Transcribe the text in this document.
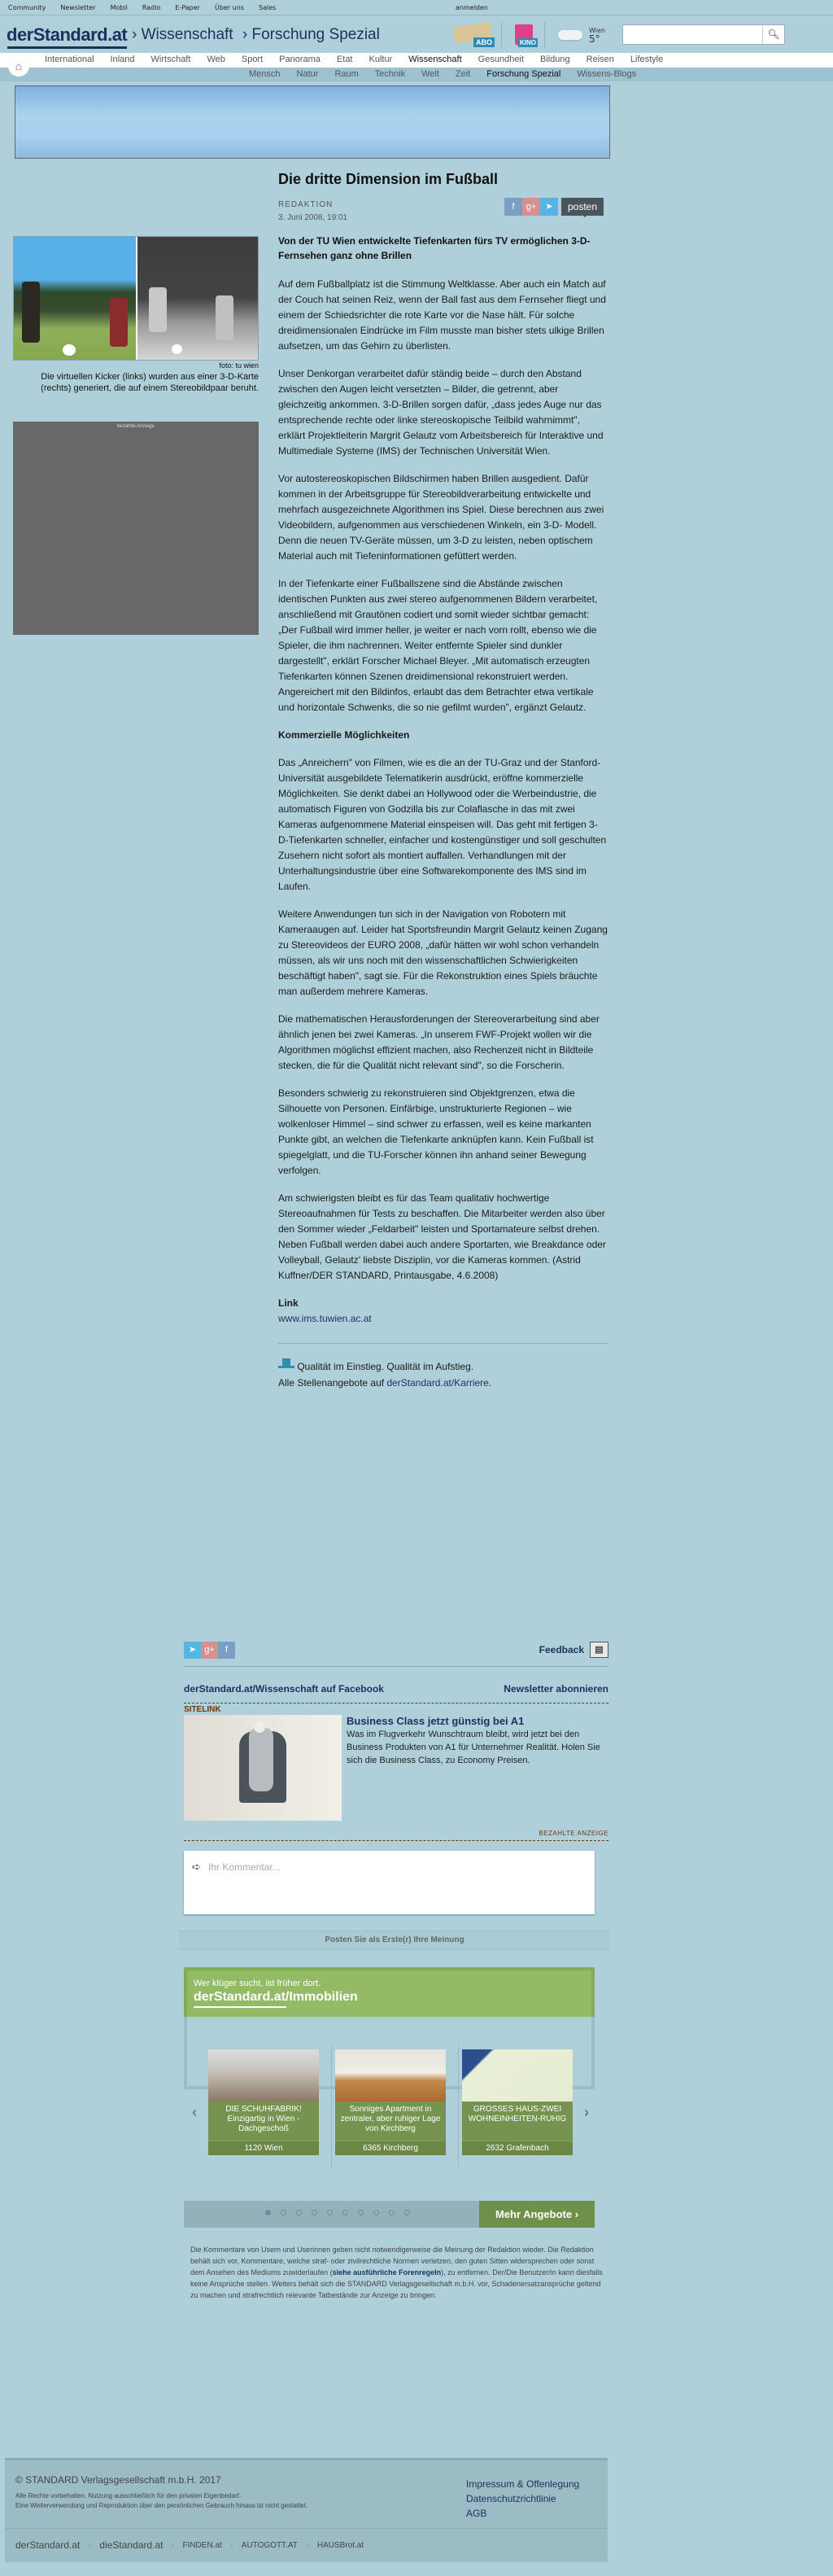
Community Newsletter Mobil Radio E-Paper Über uns Sales	anmelden
derStandard.at › Wissenschaft › Forschung Spezial	ABO	KINO
Wien
5°	🔍︎
International Inland Wirtschaft Web Sport Panorama Etat Kultur Wissenschaft Gesundheit Bildung Reisen Lifestyle
Mensch Natur Raum Technik Welt Zeit Forschung Spezial Wissens-Blogs
⌂
foto: tu wien
Die virtuellen Kicker (links) wurden aus einer 3-D-Karte (rechts) generiert, die auf einem Stereobildpaar beruht.
bezahlte Anzeige
Die dritte Dimension im Fußball
REDAKTION
3. Juni 2008, 19:01
f	g+	➤	posten
Von der TU Wien entwickelte Tiefenkarten fürs TV ermöglichen 3-D-Fernsehen ganz ohne Brillen

Auf dem Fußballplatz ist die Stimmung Weltklasse. Aber auch ein Match auf der Couch hat seinen Reiz, wenn der Ball fast aus dem Fernseher fliegt und einem der Schiedsrichter die rote Karte vor die Nase hält. Für solche dreidimensionalen Eindrücke im Film musste man bisher stets ulkige Brillen aufsetzen, um das Gehirn zu überlisten.

Unser Denkorgan verarbeitet dafür ständig beide – durch den Abstand zwischen den Augen leicht versetzten – Bilder, die getrennt, aber gleichzeitig ankommen. 3-D-Brillen sorgen dafür, „dass jedes Auge nur das entsprechende rechte oder linke stereoskopische Teilbild wahrnimmt", erklärt Projektleiterin Margrit Gelautz vom Arbeitsbereich für Interaktive und Multimediale Systeme (IMS) der Technischen Universität Wien.

Vor autostereoskopischen Bildschirmen haben Brillen ausgedient. Dafür kommen in der Arbeitsgruppe für Stereobildverarbeitung entwickelte und mehrfach ausgezeichnete Algorithmen ins Spiel. Diese berechnen aus zwei Videobildern, aufgenommen aus verschiedenen Winkeln, ein 3-D- Modell. Denn die neuen TV-Geräte müssen, um 3-D zu leisten, neben optischem Material auch mit Tiefeninformationen gefüttert werden.

In der Tiefenkarte einer Fußballszene sind die Abstände zwischen identischen Punkten aus zwei stereo aufgenommenen Bildern verarbeitet, anschließend mit Grautönen codiert und somit wieder sichtbar gemacht: „Der Fußball wird immer heller, je weiter er nach vorn rollt, ebenso wie die Spieler, die ihm nachrennen. Weiter entfernte Spieler sind dunkler dargestellt", erklärt Forscher Michael Bleyer. „Mit automatisch erzeugten Tiefenkarten können Szenen dreidimensional rekonstruiert werden. Angereichert mit den Bildinfos, erlaubt das dem Betrachter etwa vertikale und horizontale Schwenks, die so nie gefilmt wurden", ergänzt Gelautz.

Kommerzielle Möglichkeiten

Das „Anreichern" von Filmen, wie es die an der TU-Graz und der Stanford-Universität ausgebildete Telematikerin ausdrückt, eröffne kommerzielle Möglichkeiten. Sie denkt dabei an Hollywood oder die Werbeindustrie, die automatisch Figuren von Godzilla bis zur Colaflasche in das mit zwei Kameras aufgenommene Material einspeisen will. Das geht mit fertigen 3-D-Tiefenkarten schneller, einfacher und kostengünstiger und soll geschulten Zusehern nicht sofort als montiert auffallen. Verhandlungen mit der Unterhaltungsindustrie über eine Softwarekomponente des IMS sind im Laufen.

Weitere Anwendungen tun sich in der Navigation von Robotern mit Kameraaugen auf. Leider hat Sportsfreundin Margrit Gelautz keinen Zugang zu Stereovideos der EURO 2008, „dafür hätten wir wohl schon verhandeln müssen, als wir uns noch mit den wissenschaftlichen Schwierigkeiten beschäftigt haben", sagt sie. Für die Rekonstruktion eines Spiels bräuchte man außerdem mehrere Kameras.

Die mathematischen Herausforderungen der Stereoverarbeitung sind aber ähnlich jenen bei zwei Kameras. „In unserem FWF-Projekt wollen wir die Algorithmen möglichst effizient machen, also Rechenzeit nicht in Bildteile stecken, die für die Qualität nicht relevant sind", so die Forscherin.

Besonders schwierig zu rekonstruieren sind Objektgrenzen, etwa die Silhouette von Personen. Einfärbige, unstrukturierte Regionen – wie wolkenloser Himmel – sind schwer zu erfassen, weil es keine markanten Punkte gibt, an welchen die Tiefenkarte anknüpfen kann. Kein Fußball ist spiegelglatt, und die TU-Forscher können ihn anhand seiner Bewegung verfolgen.

Am schwierigsten bleibt es für das Team qualitativ hochwertige Stereoaufnahmen für Tests zu beschaffen. Die Mitarbeiter werden also über den Sommer wieder „Feldarbeit" leisten und Sportamateure selbst drehen. Neben Fußball werden dabei auch andere Sportarten, wie Breakdance oder Volleyball, Gelautz' liebste Disziplin, vor die Kameras kommen. (Astrid Kuffner/DER STANDARD, Printausgabe, 4.6.2008)

Link
www.ims.tuwien.ac.at
Qualität im Einstieg. Qualität im Aufstieg.
Alle Stellenangebote auf derStandard.at/Karriere.
➤ g+	f	Feedback	▤
derStandard.at/Wissenschaft auf Facebook	Newsletter abonnieren
SITELINK
Business Class jetzt günstig bei A1
Was im Flugverkehr Wunschtraum bleibt, wird jetzt bei den Business Produkten von A1 für Unternehmer Realität. Holen Sie sich die Business Class, zu Economy Preisen.
BEZAHLTE ANZEIGE
➪ Ihr Kommentar...
Posten Sie als Erste(r) Ihre Meinung
Wer klüger sucht, ist früher dort.
derStandard.at/Immobilien
‹	›
DIE SCHUHFABRIK! Einzigartig in Wien - Dachgeschoß
1120 Wien
Sonniges Apartment in zentraler, aber ruhiger Lage von Kirchberg
6365 Kirchberg
GROSSES HAUS-ZWEI WOHNEINHEITEN-RUHIG
2632 Grafenbach
Mehr Angebote ›
Die Kommentare von Usern und Userinnen geben nicht notwendigerweise die Meinung der Redaktion wieder. Die Redaktion behält sich vor, Kommentare, welche straf- oder zivilrechtliche Normen verletzen, den guten Sitten widersprechen oder sonst dem Ansehen des Mediums zuwiderlaufen (siehe ausführliche Forenregeln), zu entfernen. Der/Die Benutzer/in kann diesfalls keine Ansprüche stellen. Weiters behält sich die STANDARD Verlagsgesellschaft m.b.H. vor, Schadenersatzansprüche geltend zu machen und strafrechtlich relevante Tatbestände zur Anzeige zu bringen.
© STANDARD Verlagsgesellschaft m.b.H. 2017
Alle Rechte vorbehalten. Nutzung ausschließlich für den privaten Eigenbedarf.
Eine Weiterverwendung und Reproduktion über den persönlichen Gebrauch hinaus ist nicht gestattet.
Impressum & Offenlegung
Datenschutzrichtlinie
AGB
derStandard.at · dieStandard.at · FINDEN.at · AUTOGOTT.AT · HAUSBrot.at
